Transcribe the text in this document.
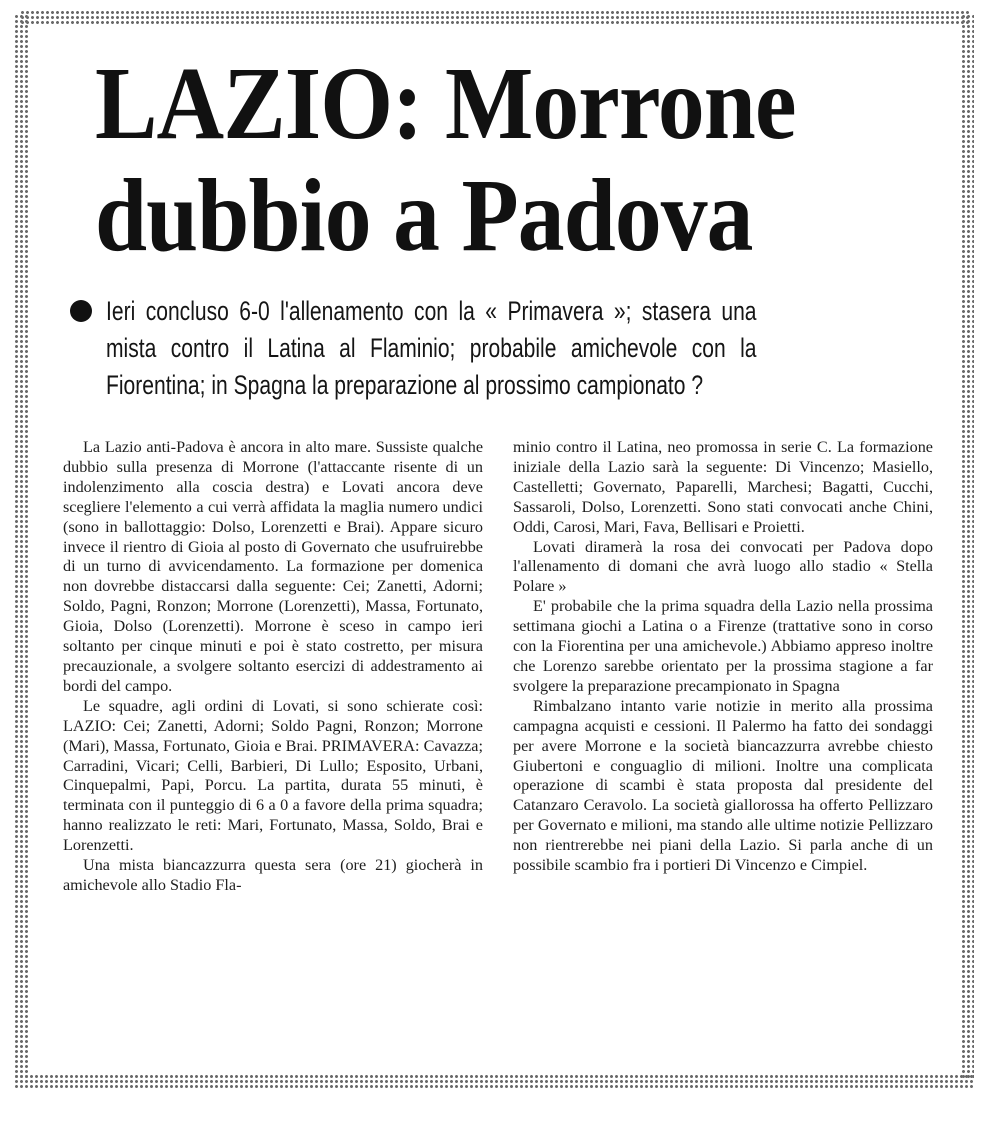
LAZIO: Morrone
dubbio a Padova
Ieri concluso 6-0 l'allenamento con la « Primavera »; stasera una mista contro il Latina al Flaminio; probabile amichevole con la Fiorentina; in Spagna la preparazione al prossimo campionato ?

La Lazio anti-Padova è ancora in alto mare. Sussiste qualche dubbio sulla presenza di Morrone (l'attaccante risente di un indolenzimento alla coscia destra) e Lovati ancora deve scegliere l'elemento a cui verrà affidata la maglia numero undici (sono in ballottaggio: Dolso, Lorenzetti e Brai). Appare sicuro invece il rientro di Gioia al posto di Governato che usufruirebbe di un turno di avvicendamento. La formazione per domenica non dovrebbe distaccarsi dalla seguente: Cei; Zanetti, Adorni; Soldo, Pagni, Ronzon; Morrone (Lorenzetti), Massa, Fortunato, Gioia, Dolso (Lorenzetti). Morrone è sceso in campo ieri soltanto per cinque minuti e poi è stato costretto, per misura precauzionale, a svolgere soltanto esercizi di addestramento ai bordi del campo.

Le squadre, agli ordini di Lovati, si sono schierate così: LAZIO: Cei; Zanetti, Adorni; Soldo Pagni, Ronzon; Morrone (Mari), Massa, Fortunato, Gioia e Brai. PRIMAVERA: Cavazza; Carradini, Vicari; Celli, Barbieri, Di Lullo; Esposito, Urbani, Cinquepalmi, Papi, Porcu. La partita, durata 55 minuti, è terminata con il punteggio di 6 a 0 a favore della prima squadra; hanno realizzato le reti: Mari, Fortunato, Massa, Soldo, Brai e Lorenzetti.

Una mista biancazzurra questa sera (ore 21) giocherà in amichevole allo Stadio Fla-

minio contro il Latina, neo promossa in serie C. La formazione iniziale della Lazio sarà la seguente: Di Vincenzo; Masiello, Castelletti; Governato, Paparelli, Marchesi; Bagatti, Cucchi, Sassaroli, Dolso, Lorenzetti. Sono stati convocati anche Chini, Oddi, Carosi, Mari, Fava, Bellisari e Proietti.

Lovati diramerà la rosa dei convocati per Padova dopo l'allenamento di domani che avrà luogo allo stadio « Stella Polare »

E' probabile che la prima squadra della Lazio nella prossima settimana giochi a Latina o a Firenze (trattative sono in corso con la Fiorentina per una amichevole.) Abbiamo appreso inoltre che Lorenzo sarebbe orientato per la prossima stagione a far svolgere la preparazione precampionato in Spagna

Rimbalzano intanto varie notizie in merito alla prossima campagna acquisti e cessioni. Il Palermo ha fatto dei sondaggi per avere Morrone e la società biancazzurra avrebbe chiesto Giubertoni e conguaglio di milioni. Inoltre una complicata operazione di scambi è stata proposta dal presidente del Catanzaro Ceravolo. La società giallorossa ha offerto Pellizzaro per Governato e milioni, ma stando alle ultime notizie Pellizzaro non rientrerebbe nei piani della Lazio. Si parla anche di un possibile scambio fra i portieri Di Vincenzo e Cimpiel.
